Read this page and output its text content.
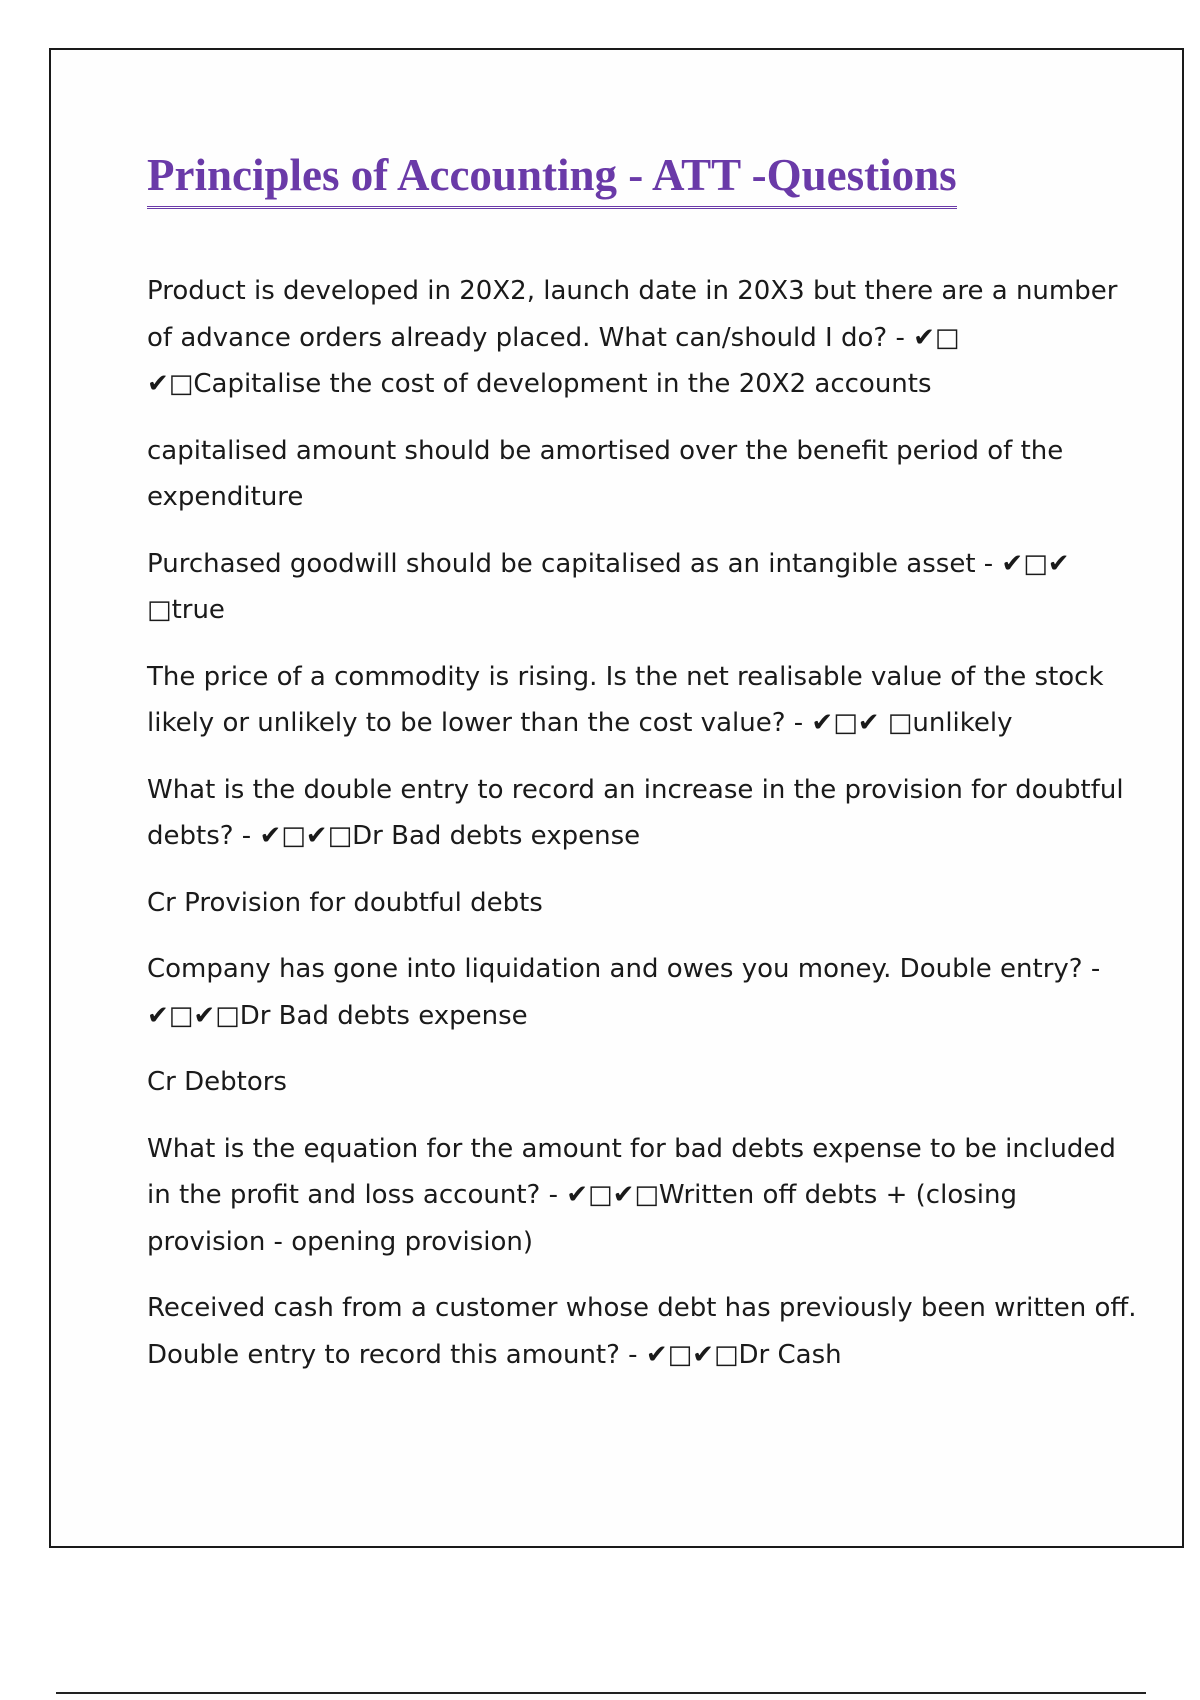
Principles of Accounting - ATT -Questions

Product is developed in 20X2, launch date in 20X3 but there are a number of advance orders already placed. What can/should I do? - ✔□ ✔□Capitalise the cost of development in the 20X2 accounts

capitalised amount should be amortised over the benefit period of the expenditure

Purchased goodwill should be capitalised as an intangible asset - ✔□✔ □true

The price of a commodity is rising. Is the net realisable value of the stock likely or unlikely to be lower than the cost value? - ✔□✔ □unlikely

What is the double entry to record an increase in the provision for doubtful debts? - ✔□✔□Dr Bad debts expense

Cr Provision for doubtful debts

Company has gone into liquidation and owes you money. Double entry? - ✔□✔□Dr Bad debts expense

Cr Debtors

What is the equation for the amount for bad debts expense to be included in the profit and loss account? - ✔□✔□Written off debts + (closing provision - opening provision)

Received cash from a customer whose debt has previously been written off. Double entry to record this amount? - ✔□✔□Dr Cash
